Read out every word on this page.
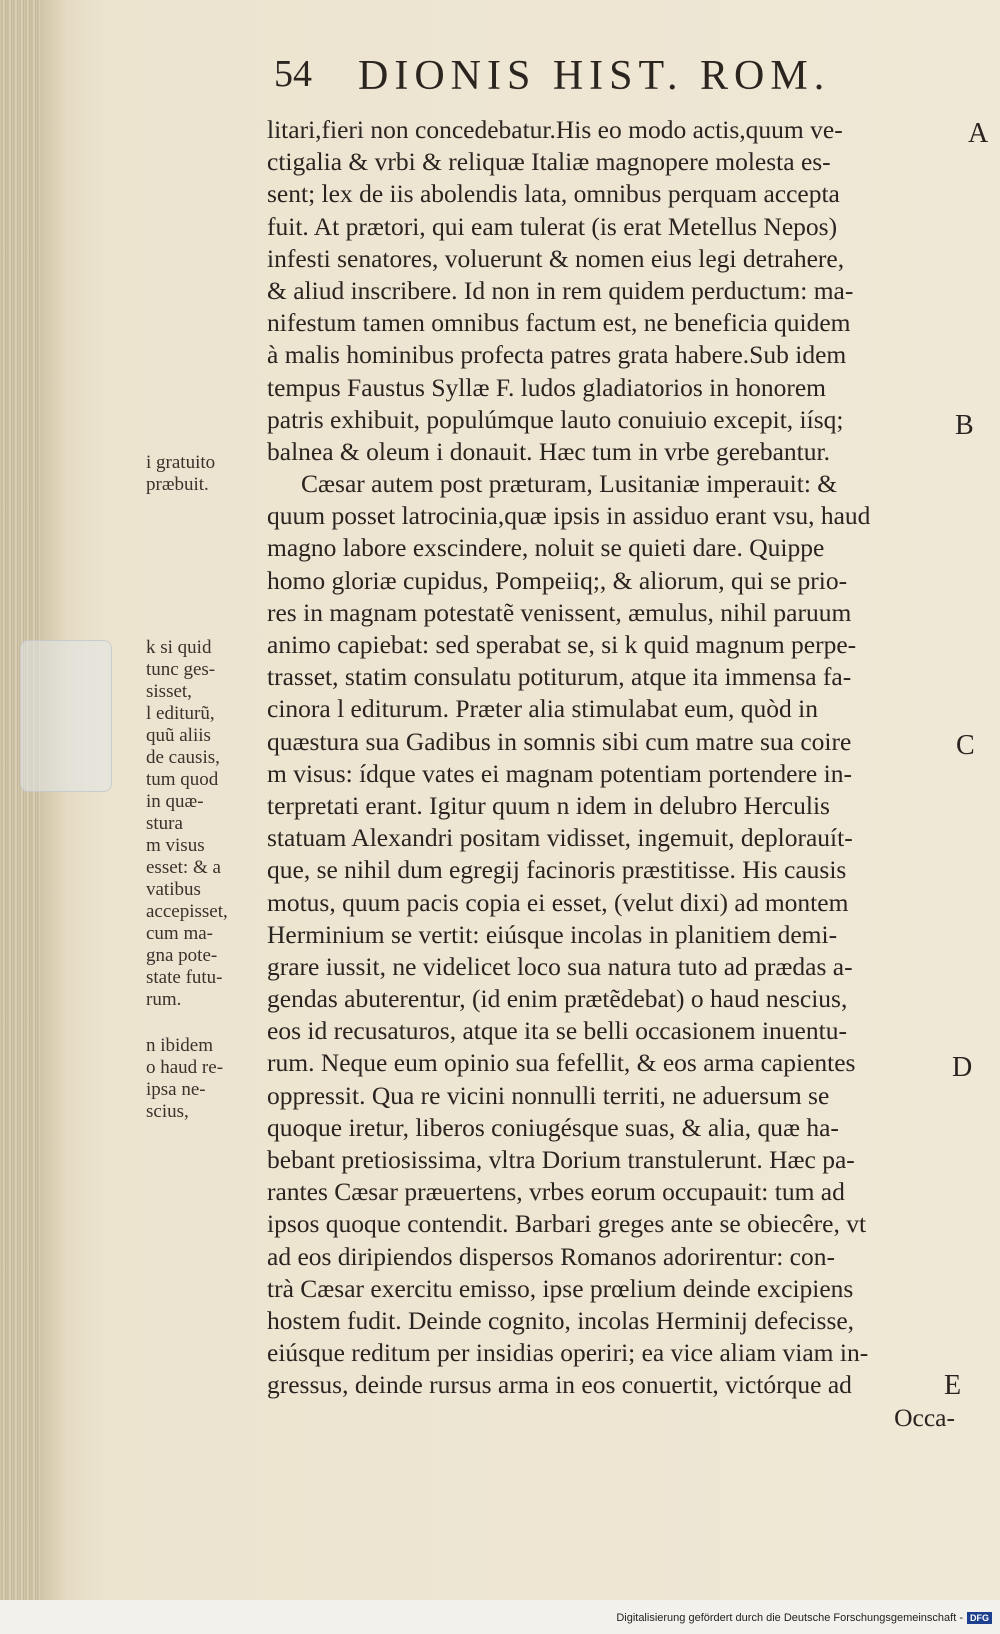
54 DIONIS HIST. ROM.
litari,fieri non concedebatur.His eo modo actis,quum ve-
ctigalia & vrbi & reliquæ Italiæ magnopere molesta es-
sent; lex de iis abolendis lata, omnibus perquam accepta
fuit. At prætori, qui eam tulerat (is erat Metellus Nepos)
infesti senatores, voluerunt & nomen eius legi detrahere,
& aliud inscribere. Id non in rem quidem perductum: ma-
nifestum tamen omnibus factum est, ne beneficia quidem
à malis hominibus profecta patres grata habere.Sub idem
tempus Faustus Syllæ F. ludos gladiatorios in honorem
patris exhibuit, populúmque lauto conuiuio excepit, iísq;
balnea & oleum i donauit. Hæc tum in vrbe gerebantur.
Cæsar autem post præturam, Lusitaniæ imperauit: &
quum posset latrocinia,quæ ipsis in assiduo erant vsu, haud
magno labore exscindere, noluit se quieti dare. Quippe
homo gloriæ cupidus, Pompeiiq;, & aliorum, qui se prio-
res in magnam potestatẽ venissent, æmulus, nihil paruum
animo capiebat: sed sperabat se, si k quid magnum perpe-
trasset, statim consulatu potiturum, atque ita immensa fa-
cinora l editurum. Præter alia stimulabat eum, quòd in
quæstura sua Gadibus in somnis sibi cum matre sua coire
m visus: ídque vates ei magnam potentiam portendere in-
terpretati erant. Igitur quum n idem in delubro Herculis
statuam Alexandri positam vidisset, ingemuit, deplorauít-
que, se nihil dum egregij facinoris præstitisse. His causis
motus, quum pacis copia ei esset, (velut dixi) ad montem
Herminium se vertit: eiúsque incolas in planitiem demi-
grare iussit, ne videlicet loco sua natura tuto ad prædas a-
gendas abuterentur, (id enim prætẽdebat) o haud nescius,
eos id recusaturos, atque ita se belli occasionem inuentu-
rum. Neque eum opinio sua fefellit, & eos arma capientes
oppressit. Qua re vicini nonnulli territi, ne aduersum se
quoque iretur, liberos coniugésque suas, & alia, quæ ha-
bebant pretiosissima, vltra Dorium transtulerunt. Hæc pa-
rantes Cæsar præuertens, vrbes eorum occupauit: tum ad
ipsos quoque contendit. Barbari greges ante se obiecêre, vt
ad eos diripiendos dispersos Romanos adorirentur: con-
trà Cæsar exercitu emisso, ipse prœlium deinde excipiens
hostem fudit. Deinde cognito, incolas Herminij defecisse,
eiúsque reditum per insidias operiri; ea vice aliam viam in-
gressus, deinde rursus arma in eos conuertit, victórque ad
Occa-
i gratuito
præbuit.
k si quid
tunc ges-
sisset,
l editurũ,
quũ aliis
de causis,
tum quod
in quæ-
stura
m visus
esset: & a
vatibus
accepisset,
cum ma-
gna pote-
state futu-
rum.
n ibidem
o haud re-
ipsa ne-
scius,
A
B
C
D
E
Digitalisierung gefördert durch die Deutsche Forschungsgemeinschaft - DFG
